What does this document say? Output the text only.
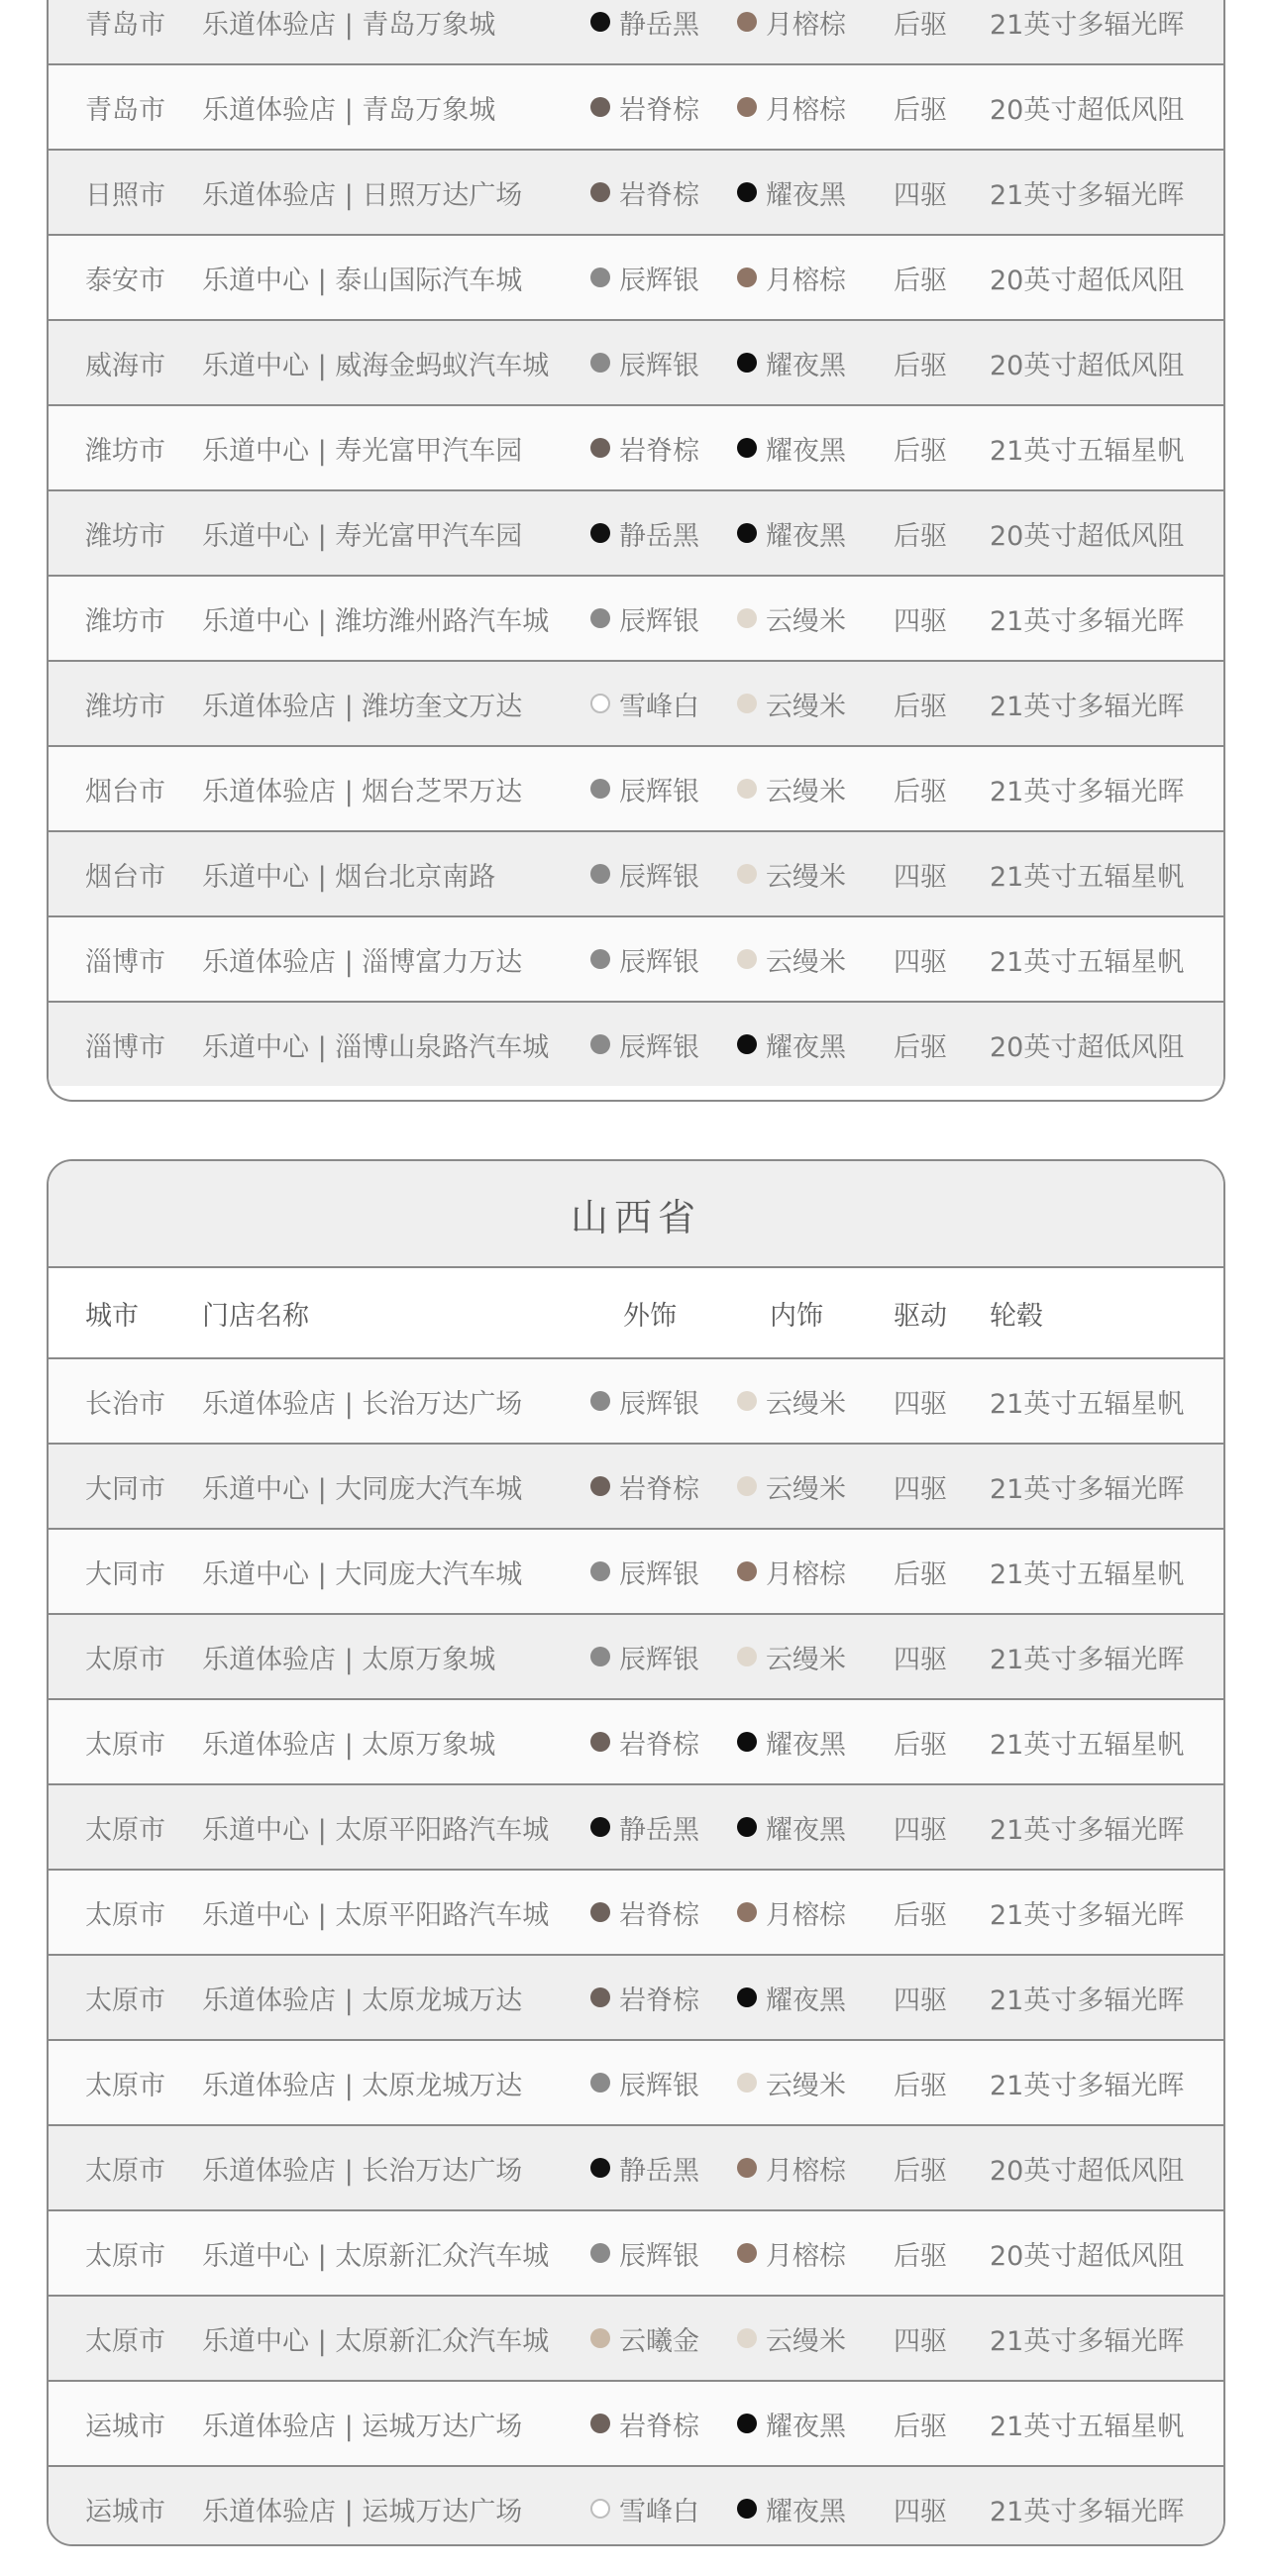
青岛市 乐道体验店 | 青岛万象城	静岳黑 月榕棕 后驱 21英寸多辐光晖
青岛市 乐道体验店 | 青岛万象城	岩脊棕 月榕棕 后驱 20英寸超低风阻
日照市 乐道体验店 | 日照万达广场	岩脊棕 耀夜黑 四驱 21英寸多辐光晖
泰安市 乐道中心 | 泰山国际汽车城	辰辉银 月榕棕 后驱 20英寸超低风阻
威海市 乐道中心 | 威海金蚂蚁汽车城	辰辉银 耀夜黑 后驱 20英寸超低风阻
潍坊市 乐道中心 | 寿光富甲汽车园	岩脊棕 耀夜黑 后驱 21英寸五辐星帆
潍坊市 乐道中心 | 寿光富甲汽车园	静岳黑 耀夜黑 后驱 20英寸超低风阻
潍坊市 乐道中心 | 潍坊潍州路汽车城	辰辉银 云缦米 四驱 21英寸多辐光晖
潍坊市 乐道体验店 | 潍坊奎文万达	雪峰白 云缦米 后驱 21英寸多辐光晖
烟台市 乐道体验店 | 烟台芝罘万达	辰辉银 云缦米 后驱 21英寸多辐光晖
烟台市 乐道中心 | 烟台北京南路	辰辉银 云缦米 四驱 21英寸五辐星帆
淄博市 乐道体验店 | 淄博富力万达	辰辉银 云缦米 四驱 21英寸五辐星帆
淄博市 乐道中心 | 淄博山泉路汽车城	辰辉银 耀夜黑 后驱 20英寸超低风阻
山西省
城市 门店名称	外饰	内饰	驱动 轮毂
长治市 乐道体验店 | 长治万达广场	辰辉银 云缦米 四驱 21英寸五辐星帆
大同市 乐道中心 | 大同庞大汽车城	岩脊棕 云缦米 四驱 21英寸多辐光晖
大同市 乐道中心 | 大同庞大汽车城	辰辉银 月榕棕 后驱 21英寸五辐星帆
太原市 乐道体验店 | 太原万象城	辰辉银 云缦米 四驱 21英寸多辐光晖
太原市 乐道体验店 | 太原万象城	岩脊棕 耀夜黑 后驱 21英寸五辐星帆
太原市 乐道中心 | 太原平阳路汽车城	静岳黑 耀夜黑 四驱 21英寸多辐光晖
太原市 乐道中心 | 太原平阳路汽车城	岩脊棕 月榕棕 后驱 21英寸多辐光晖
太原市 乐道体验店 | 太原龙城万达	岩脊棕 耀夜黑 四驱 21英寸多辐光晖
太原市 乐道体验店 | 太原龙城万达	辰辉银 云缦米 后驱 21英寸多辐光晖
太原市 乐道体验店 | 长治万达广场	静岳黑 月榕棕 后驱 20英寸超低风阻
太原市 乐道中心 | 太原新汇众汽车城	辰辉银 月榕棕 后驱 20英寸超低风阻
太原市 乐道中心 | 太原新汇众汽车城	云曦金 云缦米 四驱 21英寸多辐光晖
运城市 乐道体验店 | 运城万达广场	岩脊棕 耀夜黑 后驱 21英寸五辐星帆
运城市 乐道体验店 | 运城万达广场	雪峰白 耀夜黑 四驱 21英寸多辐光晖
